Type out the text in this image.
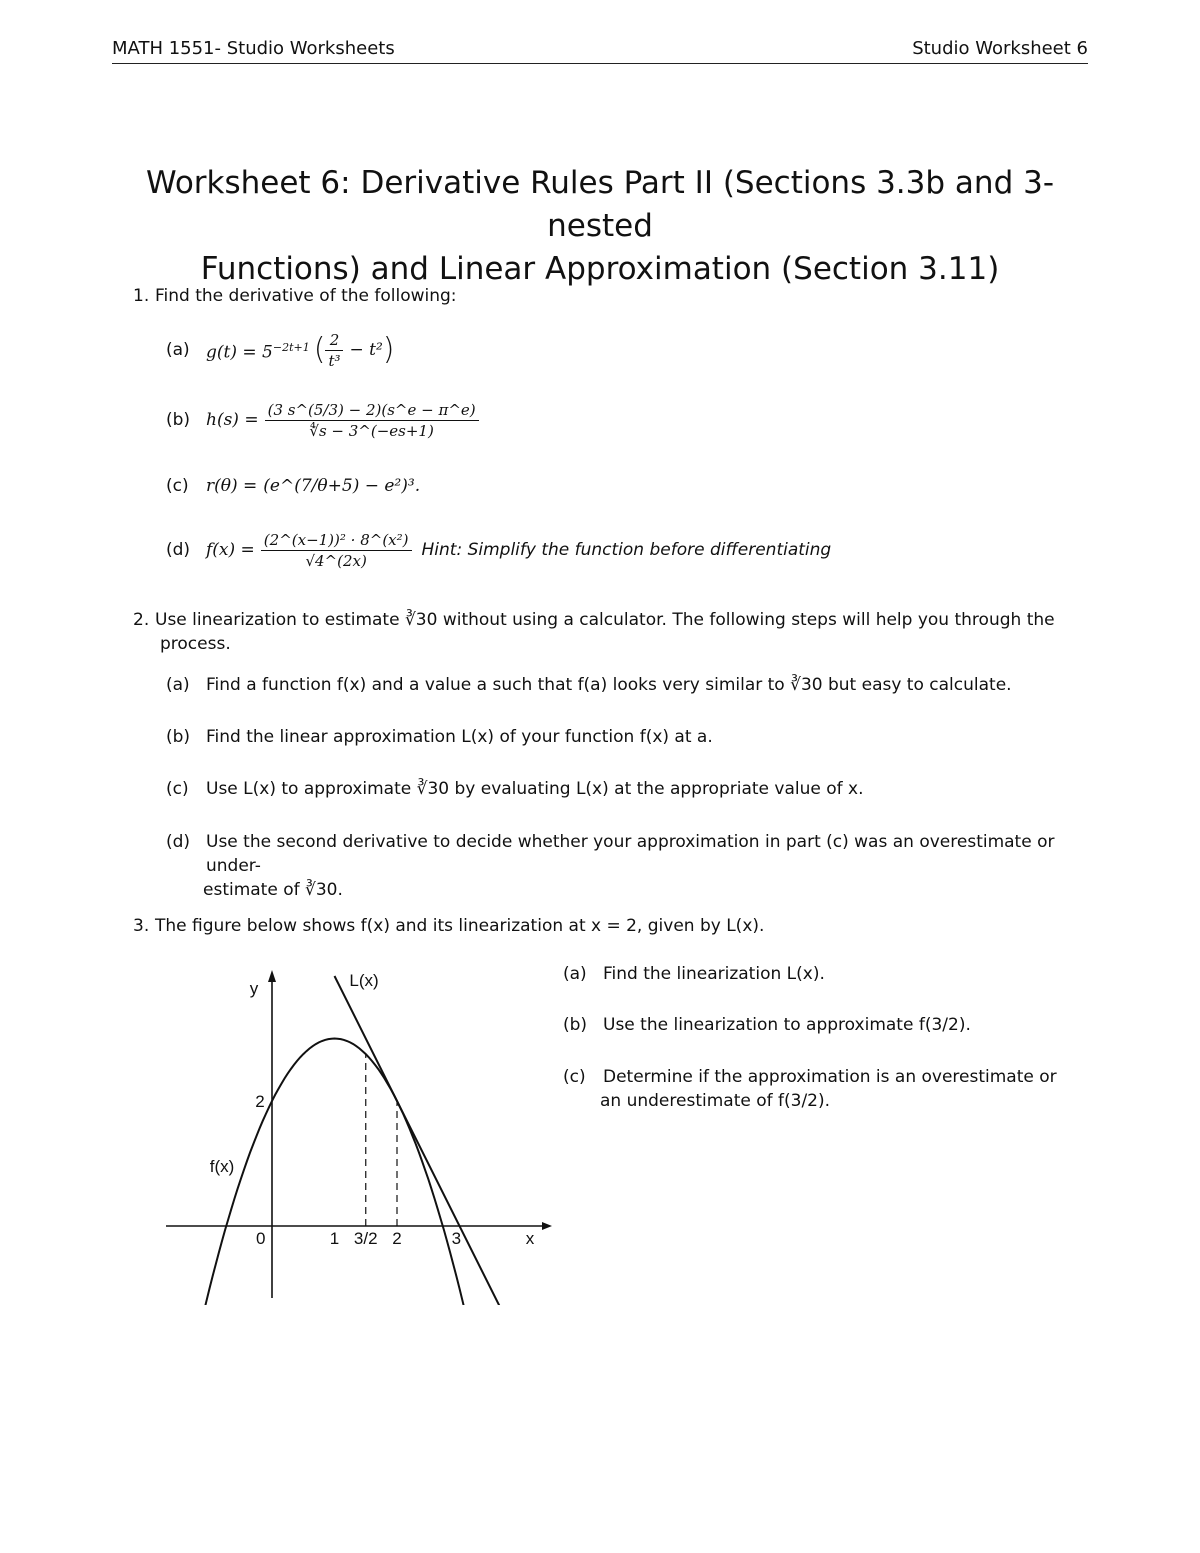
MATH 1551- Studio Worksheets	Studio Worksheet 6
Worksheet 6: Derivative Rules Part II (Sections 3.3b and 3-nested
Functions) and Linear Approximation (Section 3.11)
1. Find the derivative of the following:
(a) $g(t) = 5^{-2t+1}$ ( $\frac{2}{\text{t³}} - t^2$ )
(b) $h(s) = \frac{(3 s\^{}(5/3) - 2)(s\^{}e - \pi\^{}e)}{∜s - 3\^{}(-es+1)}$
(c)	r(θ) = (e^(7/θ+5) − e²)³.
(d) $f(x) = \frac{\text{(2\textasciicircum{}(x−1))² · 8\textasciicircum{}(x²)}}{√4\^{}(2x)}$ Hint: Simplify the function before differentiating
2. Use linearization to estimate ∛30 without using a calculator. The following steps will help you through the
process.
(a) Find a function f(x) and a value a such that f(a) looks very similar to ∛30 but easy to calculate.
(b) Find the linear approximation L(x) of your function f(x) at a.
(c) Use L(x) to approximate ∛30 by evaluating L(x) at the appropriate value of x.
(d) Use the second derivative to decide whether your approximation in part (c) was an overestimate or under-
estimate of ∛30.
3. The figure below shows f(x) and its linearization at x = 2, given by L(x).
(a) Find the linearization L(x).
(b) Use the linearization to approximate f(3/2).
(c) Determine if the approximation is an overestimate or
an underestimate of f(3/2).
x
y
0	1 3/2 2	3
2
f(x)
L(x)
